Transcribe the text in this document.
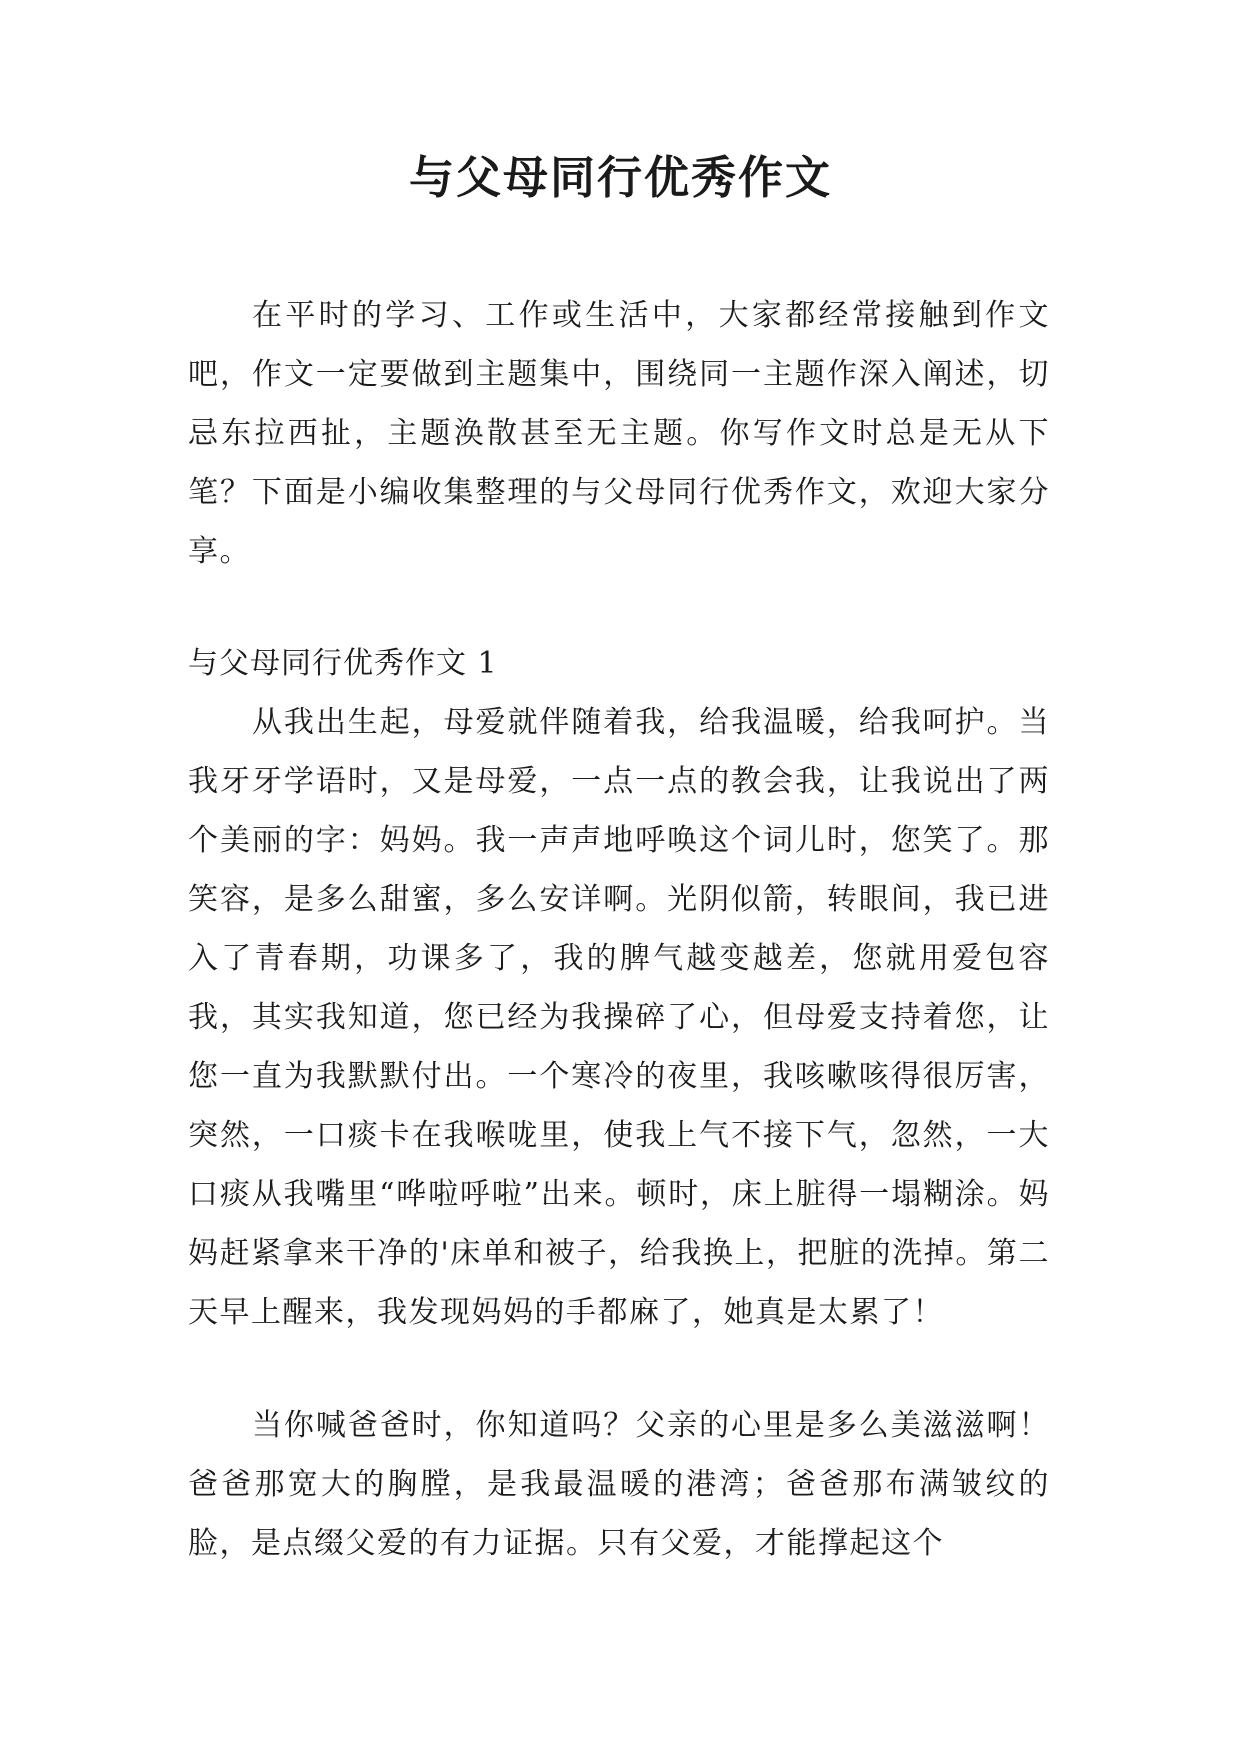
与父母同行优秀作文

在平时的学习、工作或生活中，大家都经常接触到作文吧，作文一定要做到主题集中，围绕同一主题作深入阐述，切忌东拉西扯，主题涣散甚至无主题。你写作文时总是无从下笔？下面是小编收集整理的与父母同行优秀作文，欢迎大家分享。

与父母同行优秀作文 1

从我出生起，母爱就伴随着我，给我温暖，给我呵护。当我牙牙学语时，又是母爱，一点一点的教会我，让我说出了两个美丽的字：妈妈。我一声声地呼唤这个词儿时，您笑了。那笑容，是多么甜蜜，多么安详啊。光阴似箭，转眼间，我已进入了青春期，功课多了，我的脾气越变越差，您就用爱包容我，其实我知道，您已经为我操碎了心，但母爱支持着您，让您一直为我默默付出。一个寒冷的夜里，我咳嗽咳得很厉害，突然，一口痰卡在我喉咙里，使我上气不接下气，忽然，一大口痰从我嘴里“哗啦呼啦”出来。顿时，床上脏得一塌糊涂。妈妈赶紧拿来干净的'床单和被子，给我换上，把脏的洗掉。第二天早上醒来，我发现妈妈的手都麻了，她真是太累了！

当你喊爸爸时，你知道吗？父亲的心里是多么美滋滋啊！爸爸那宽大的胸膛，是我最温暖的港湾；爸爸那布满皱纹的脸，是点缀父爱的有力证据。只有父爱，才能撑起这个
